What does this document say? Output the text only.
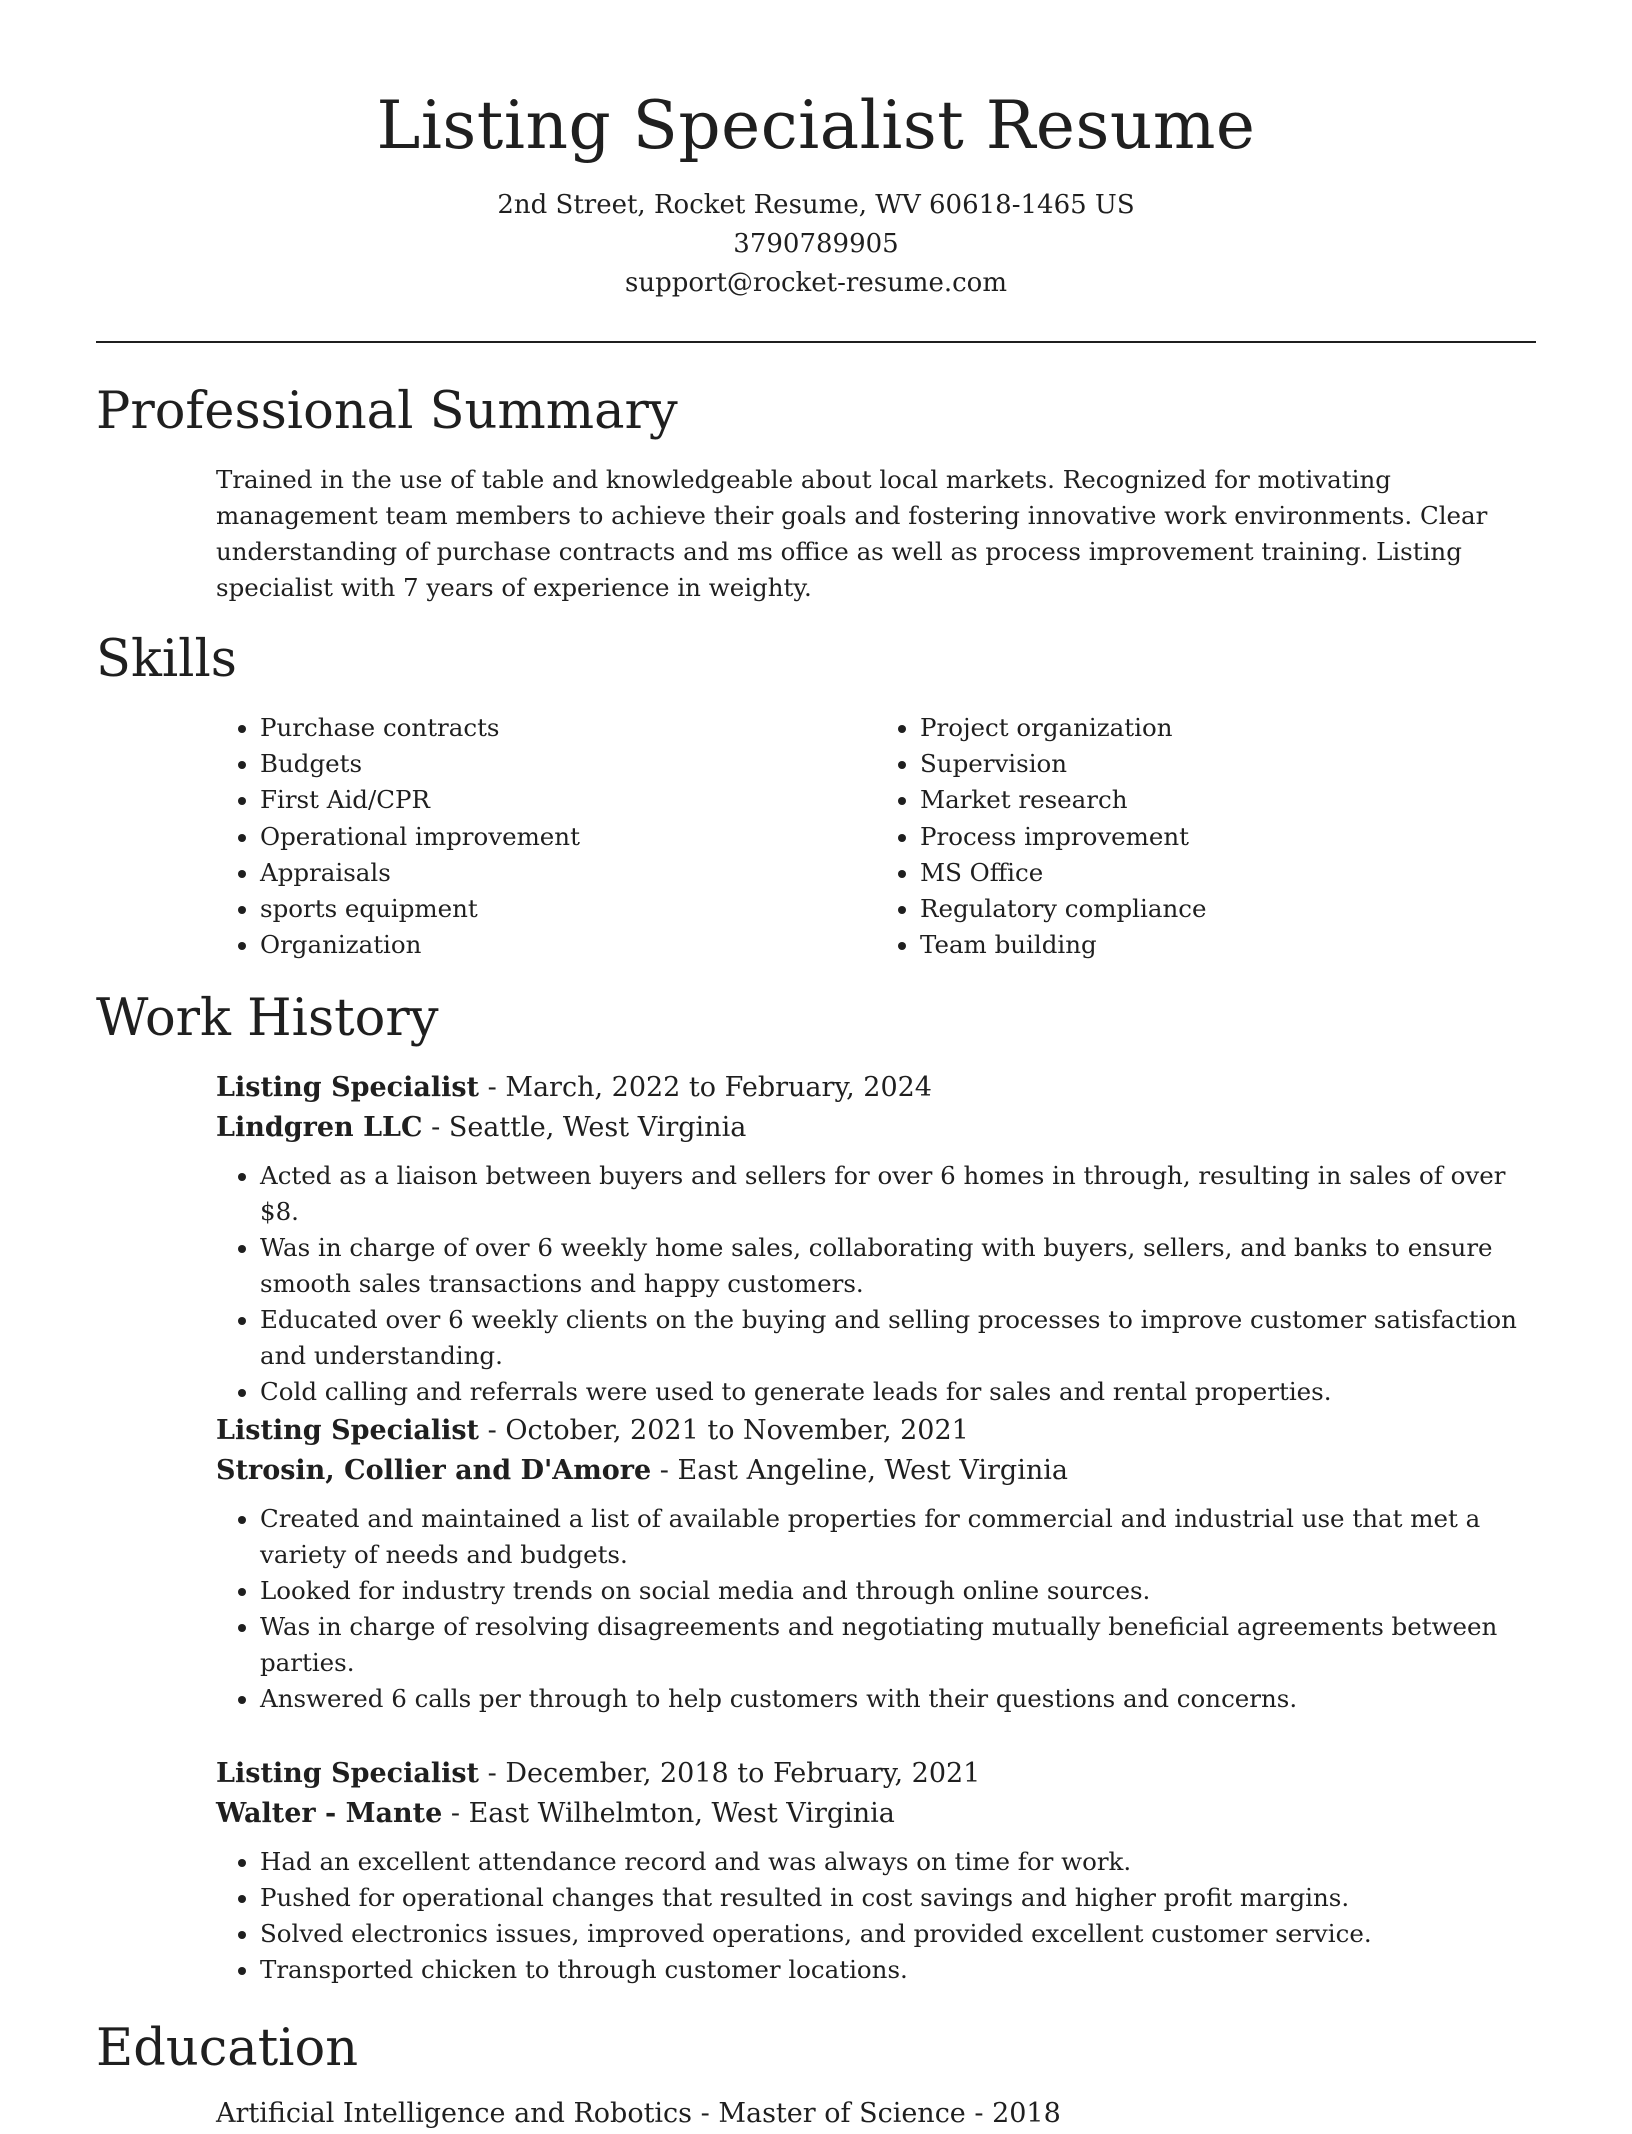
Listing Specialist Resume
2nd Street, Rocket Resume, WV 60618-1465 US
3790789905
support@rocket-resume.com
Professional Summary

Trained in the use of table and knowledgeable about local markets. Recognized for motivating management team members to achieve their goals and fostering innovative work environments. Clear understanding of purchase contracts and ms office as well as process improvement training. Listing specialist with 7 years of experience in weighty.

Skills
• Purchase contracts
• Budgets
• First Aid/CPR
• Operational improvement
• Appraisals
• sports equipment
• Organization
• Project organization
• Supervision
• Market research
• Process improvement
• MS Office
• Regulatory compliance
• Team building
Work History
Listing Specialist - March, 2022 to February, 2024
Lindgren LLC - Seattle, West Virginia
• Acted as a liaison between buyers and sellers for over 6 homes in through, resulting in sales of over $8.
• Was in charge of over 6 weekly home sales, collaborating with buyers, sellers, and banks to ensure smooth sales transactions and happy customers.
• Educated over 6 weekly clients on the buying and selling processes to improve customer satisfaction and understanding.
• Cold calling and referrals were used to generate leads for sales and rental properties.
Listing Specialist - October, 2021 to November, 2021
Strosin, Collier and D'Amore - East Angeline, West Virginia
• Created and maintained a list of available properties for commercial and industrial use that met a variety of needs and budgets.
• Looked for industry trends on social media and through online sources.
• Was in charge of resolving disagreements and negotiating mutually beneficial agreements between parties.
• Answered 6 calls per through to help customers with their questions and concerns.
Listing Specialist - December, 2018 to February, 2021
Walter - Mante - East Wilhelmton, West Virginia
• Had an excellent attendance record and was always on time for work.
• Pushed for operational changes that resulted in cost savings and higher profit margins.
• Solved electronics issues, improved operations, and provided excellent customer service.
• Transported chicken to through customer locations.
Education
Artificial Intelligence and Robotics - Master of Science - 2018
